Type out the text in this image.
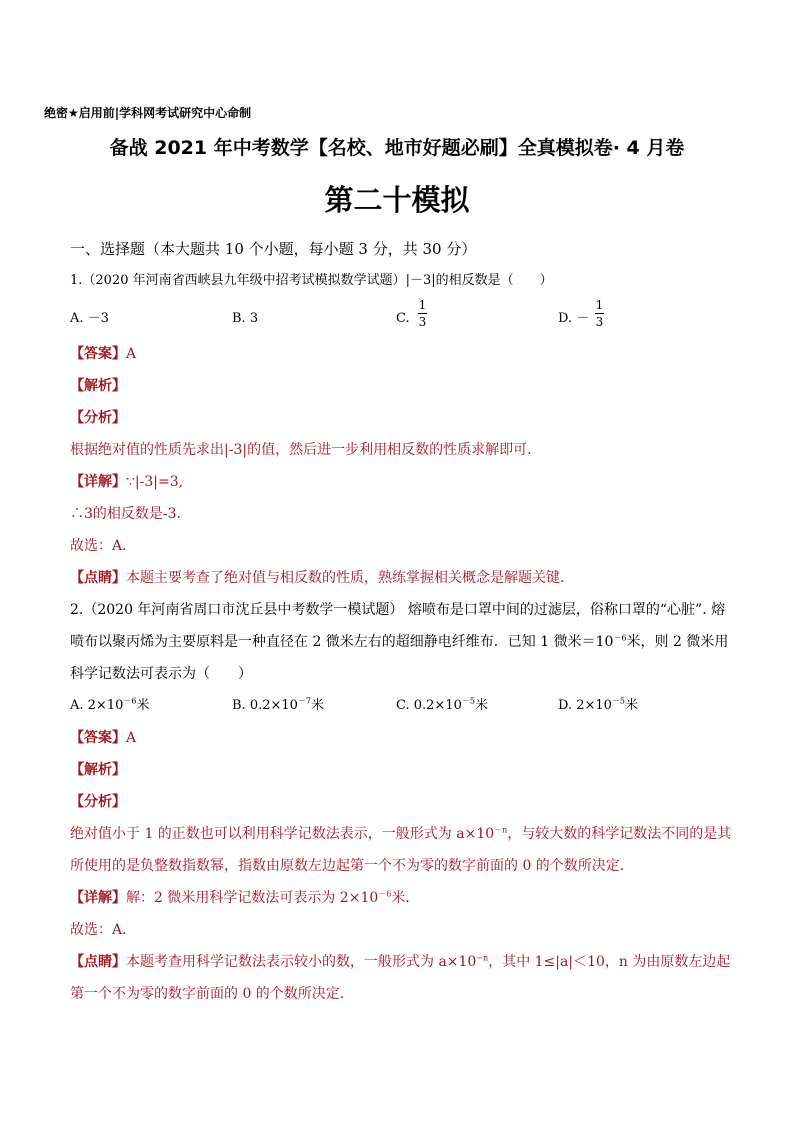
绝密★启用前|学科网考试研究中心命制
备战 2021 年中考数学【名校、地市好题必刷】全真模拟卷· 4 月卷
第二十模拟
一、选择题（本大题共 10 个小题，每小题 3 分，共 30 分）
1.（2020 年河南省西峡县九年级中招考试模拟数学试题）|－3|的相反数是（　　）
A. －3	B. 3	C.
1
3	D. －
1
3
【答案】A
【解析】
【分析】
根据绝对值的性质先求出|-3|的值，然后进一步利用相反数的性质求解即可.
【详解】∵|-3|=3,
∴3的相反数是-3.
故选：A.
【点睛】本题主要考查了绝对值与相反数的性质，熟练掌握相关概念是解题关键.
2.（2020 年河南省周口市沈丘县中考数学一模试题） 熔喷布是口罩中间的过滤层，俗称口罩的“心脏”. 熔
喷布以聚丙烯为主要原料是一种直径在 2 微米左右的超细静电纤维布．已知 1 微米$=10^{-6}$米，则 2 微米用
科学记数法可表示为（　　）
A. $2\times 10^{-6}$米	B. $0.2\times 10^{-7}$米	C. $0.2\times 10^{-5}$米	D. $2\times 10^{-5}$米
【答案】A
【解析】
【分析】
绝对值小于 1 的正数也可以利用科学记数法表示，一般形式为 $a\times 10^{-n}$，与较大数的科学记数法不同的是其
所使用的是负整数指数幂，指数由原数左边起第一个不为零的数字前面的 0 的个数所决定．
【详解】解：2 微米用科学记数法可表示为 $2\times 10^{-6}$米．
故选：A．
【点睛】本题考查用科学记数法表示较小的数，一般形式为 $a\times 10^{-n}$，其中 1≤|a|＜10，n 为由原数左边起
第一个不为零的数字前面的 0 的个数所决定．
